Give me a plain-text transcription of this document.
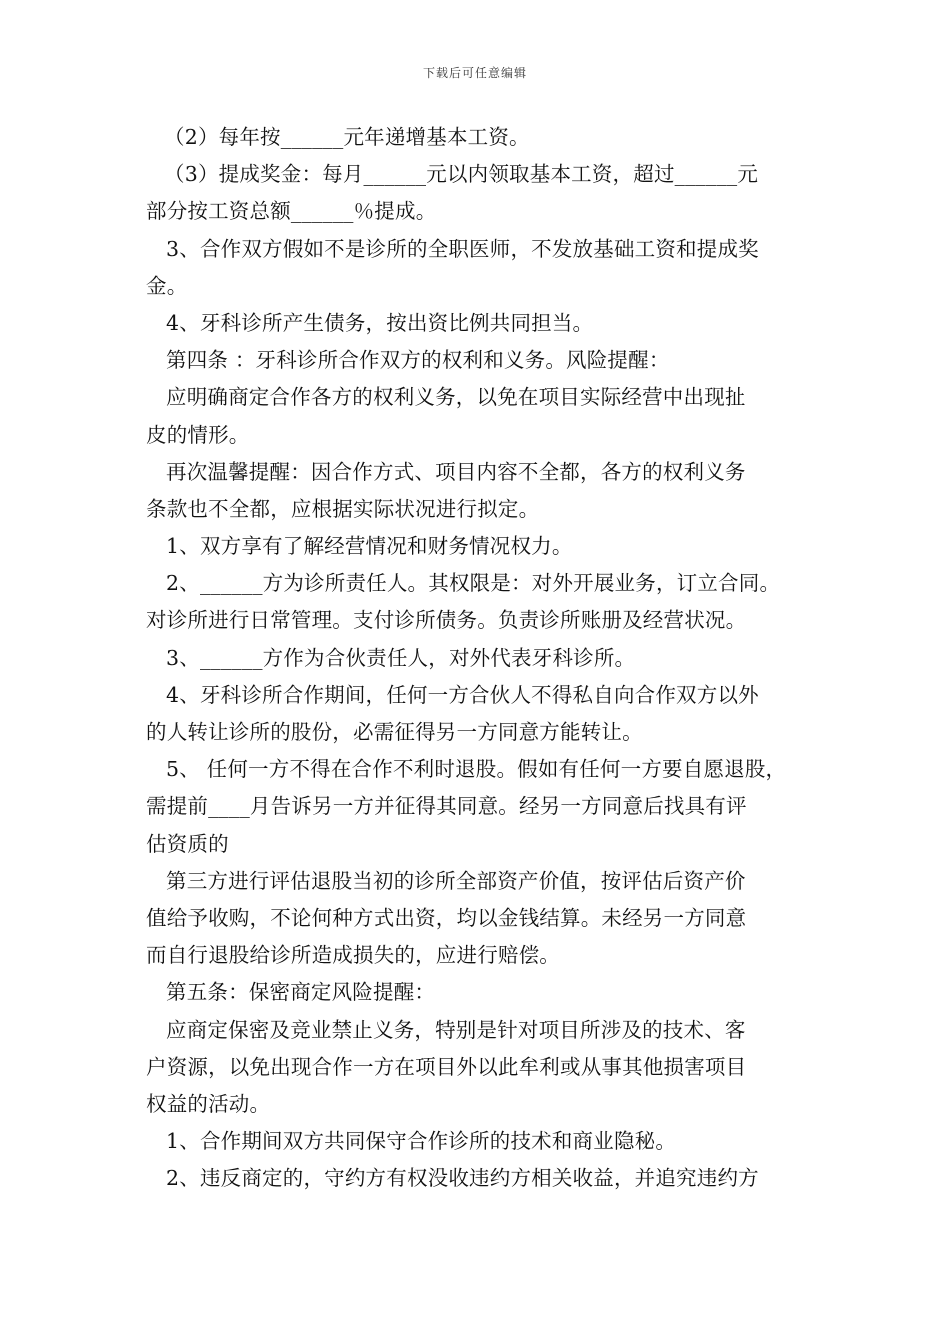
下载后可任意编辑
（2）每年按______元年递增基本工资。
（3）提成奖金：每月______元以内领取基本工资，超过______元
部分按工资总额______％提成。
3、合作双方假如不是诊所的全职医师，不发放基础工资和提成奖
金。
4、牙科诊所产生债务，按出资比例共同担当。
第四条 ：牙科诊所合作双方的权利和义务。风险提醒：
应明确商定合作各方的权利义务，以免在项目实际经营中出现扯
皮的情形。
再次温馨提醒：因合作方式、项目内容不全都，各方的权利义务
条款也不全都，应根据实际状况进行拟定。
1、双方享有了解经营情况和财务情况权力。
2、______方为诊所责任人。其权限是：对外开展业务，订立合同。
对诊所进行日常管理。支付诊所债务。负责诊所账册及经营状况。
3、______方作为合伙责任人，对外代表牙科诊所。
4、牙科诊所合作期间，任何一方合伙人不得私自向合作双方以外
的人转让诊所的股份，必需征得另一方同意方能转让。
5、 任何一方不得在合作不利时退股。假如有任何一方要自愿退股，
需提前____月告诉另一方并征得其同意。经另一方同意后找具有评
估资质的
第三方进行评估退股当初的诊所全部资产价值，按评估后资产价
值给予收购，不论何种方式出资，均以金钱结算。未经另一方同意
而自行退股给诊所造成损失的，应进行赔偿。
第五条：保密商定风险提醒：
应商定保密及竞业禁止义务，特别是针对项目所涉及的技术、客
户资源，以免出现合作一方在项目外以此牟利或从事其他损害项目
权益的活动。
1、合作期间双方共同保守合作诊所的技术和商业隐秘。
2、违反商定的，守约方有权没收违约方相关收益，并追究违约方
